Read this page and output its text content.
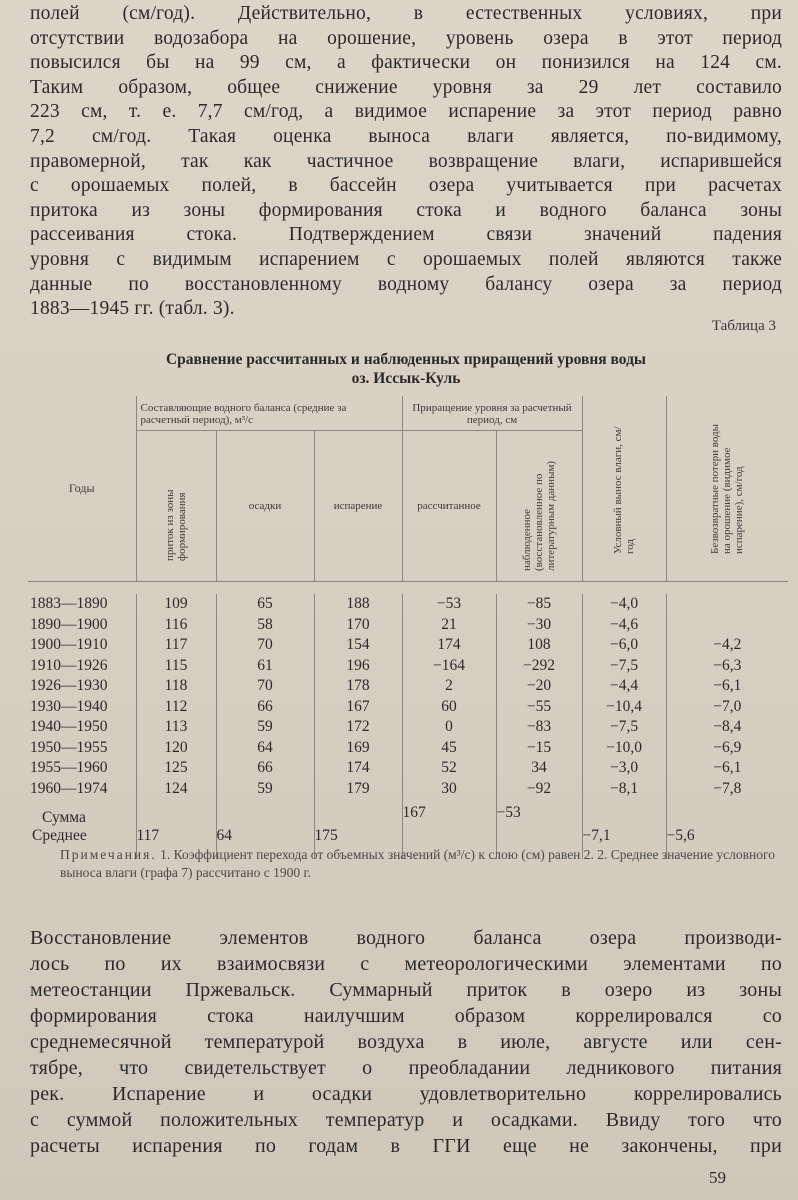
полей (см/год). Действительно, в естественных условиях, при
отсутствии водозабора на орошение, уровень озера в этот период
повысился бы на 99 см, а фактически он понизился на 124 см.
Таким образом, общее снижение уровня за 29 лет составило
223 см, т. е. 7,7 см/год, а видимое испарение за этот период равно
7,2 см/год. Такая оценка выноса влаги является, по-видимому,
правомерной, так как частичное возвращение влаги, испарившейся
с орошаемых полей, в бассейн озера учитывается при расчетах
притока из зоны формирования стока и водного баланса зоны
рассеивания стока. Подтверждением связи значений падения
уровня с видимым испарением с орошаемых полей являются также
данные по восстановленному водному балансу озера за период
1883—1945 гг. (табл. 3).
Таблица 3
Сравнение рассчитанных и наблюденных приращений уровня воды
оз. Иссык-Куль
Годы	Составляющие водного баланса (средние за расчетный период), м³/с			Приращение уровня за расчетный период, см		Условный вынос влаги, см/год	Безвозвратные потери воды на орошение (видимое испарение), см/год

	приток из зоны формирования	осадки	испарение	рассчитанное	наблюденное (восстановленное по литературным данным)		

1883—1890	109	65	188	−53	−85	−4,0	
1890—1900	116	58	170	21	−30	−4,6	
1900—1910	117	70	154	174	108	−6,0	−4,2
1910—1926	115	61	196	−164	−292	−7,5	−6,3
1926—1930	118	70	178	2	−20	−4,4	−6,1
1930—1940	112	66	167	60	−55	−10,4	−7,0
1940—1950	113	59	172	0	−83	−7,5	−8,4
1950—1955	120	64	169	45	−15	−10,0	−6,9
1955—1960	125	66	174	52	34	−3,0	−6,1
1960—1974	124	59	179	30	−92	−8,1	−7,8
Сумма				167	−53		
Среднее	117	64	175			−7,1	−5,6

Примечания. 1. Коэффициент перехода от объемных значений (м³/с) к слою (см) равен 2. 2. Среднее значение условного выноса влаги (графа 7) рассчитано с 1900 г.
Восстановление элементов водного баланса озера производи-
лось по их взаимосвязи с метеорологическими элементами по
метеостанции Пржевальск. Суммарный приток в озеро из зоны
формирования стока наилучшим образом коррелировался со
среднемесячной температурой воздуха в июле, августе или сен-
тябре, что свидетельствует о преобладании ледникового питания
рек. Испарение и осадки удовлетворительно коррелировались
с суммой положительных температур и осадками. Ввиду того что
расчеты испарения по годам в ГГИ еще не закончены, при
59
